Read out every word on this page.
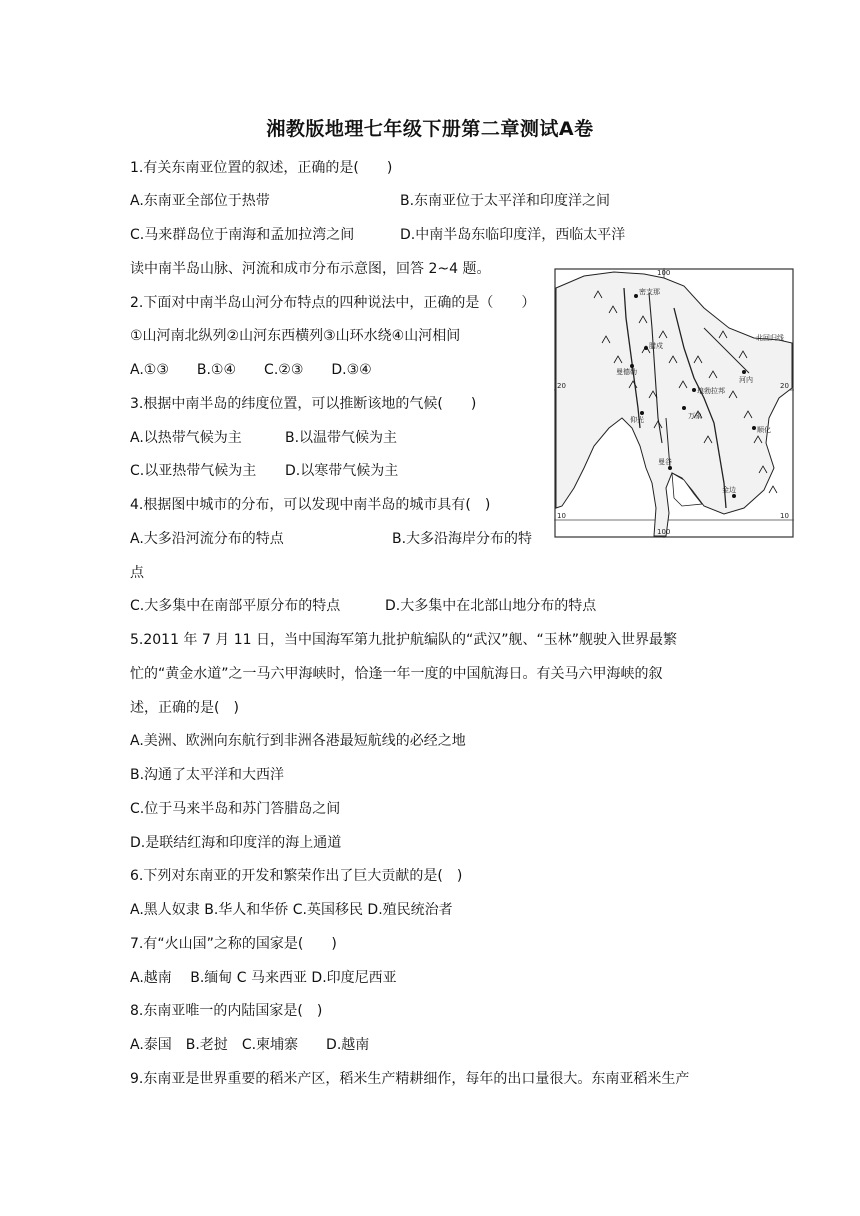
湘教版地理七年级下册第二章测试A卷
1.有关东南亚位置的叙述，正确的是(　　)
A.东南亚全部位于热带	B.东南亚位于太平洋和印度洋之间
C.马来群岛位于南海和孟加拉湾之间	D.中南半岛东临印度洋，西临太平洋
读中南半岛山脉、河流和成市分布示意图，回答 2~4 题。
2.下面对中南半岛山河分布特点的四种说法中，正确的是（　　）
①山河南北纵列②山河东西横列③山环水绕④山河相间
A.①③　　B.①④　　C.②③　　D.③④
3.根据中南半岛的纬度位置，可以推断该地的气候(　　)
A.以热带气候为主	B.以温带气候为主
C.以亚热带气候为主 D.以寒带气候为主
4.根据图中城市的分布，可以发现中南半岛的城市具有(　)
A.大多沿河流分布的特点	B.大多沿海岸分布的特
点
C.大多集中在南部平原分布的特点	D.大多集中在北部山地分布的特点
5.2011 年 7 月 11 日，当中国海军第九批护航编队的“武汉”舰、“玉林”舰驶入世界最繁
忙的“黄金水道”之一马六甲海峡时，恰逢一年一度的中国航海日。有关马六甲海峡的叙
述，正确的是(　)
A.美洲、欧洲向东航行到非洲各港最短航线的必经之地
B.沟通了太平洋和大西洋
C.位于马来半岛和苏门答腊岛之间
D.是联结红海和印度洋的海上通道
6.下列对东南亚的开发和繁荣作出了巨大贡献的是(　)
A.黑人奴隶 B.华人和华侨 C.英国移民 D.殖民统治者
7.有“火山国”之称的国家是(　　)
A.越南　 B.缅甸 C 马来西亚 D.印度尼西亚
8.东南亚唯一的内陆国家是(　)
A.泰国　B.老挝　C.柬埔寨　　D.越南
9.东南亚是世界重要的稻米产区，稻米生产精耕细作，每年的出口量很大。东南亚稻米生产
100
100
20	20
10	10
北回归线
密支那
腊戍
曼德勒
仰光
琅勃拉邦
万象
河内
顺化
曼谷
金边
